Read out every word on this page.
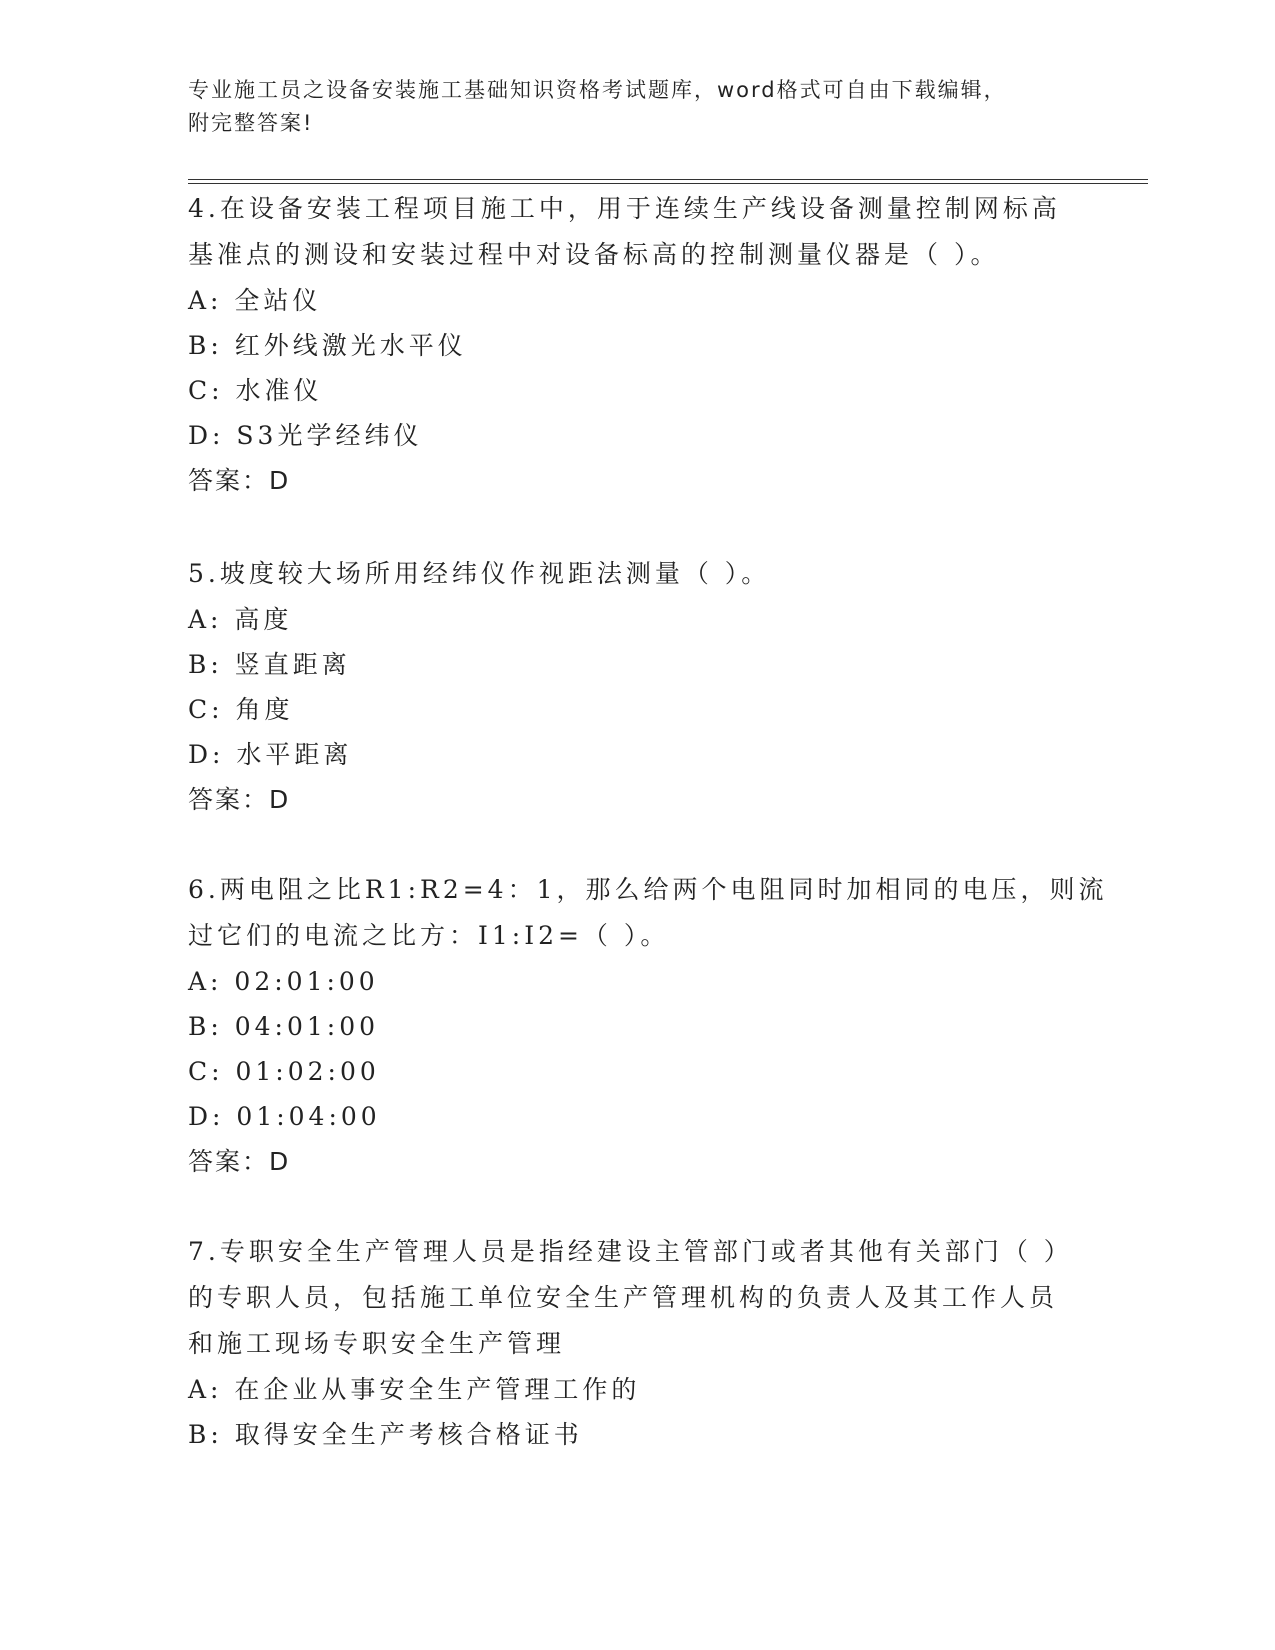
专业施工员之设备安装施工基础知识资格考试题库，word格式可自由下载编辑，
附完整答案!
4.在设备安装工程项目施工中，用于连续生产线设备测量控制网标高
基准点的测设和安装过程中对设备标高的控制测量仪器是（ ）。
A: 全站仪
B: 红外线激光水平仪
C: 水准仪
D: S3光学经纬仪
答案：D
5.坡度较大场所用经纬仪作视距法测量（ ）。
A: 高度
B: 竖直距离
C: 角度
D: 水平距离
答案：D
6.两电阻之比R1:R2=4：1，那么给两个电阻同时加相同的电压，则流
过它们的电流之比方：I1:I2=（ ）。
A: 02:01:00
B: 04:01:00
C: 01:02:00
D: 01:04:00
答案：D
7.专职安全生产管理人员是指经建设主管部门或者其他有关部门（ ）
的专职人员，包括施工单位安全生产管理机构的负责人及其工作人员
和施工现场专职安全生产管理
A: 在企业从事安全生产管理工作的
B: 取得安全生产考核合格证书
